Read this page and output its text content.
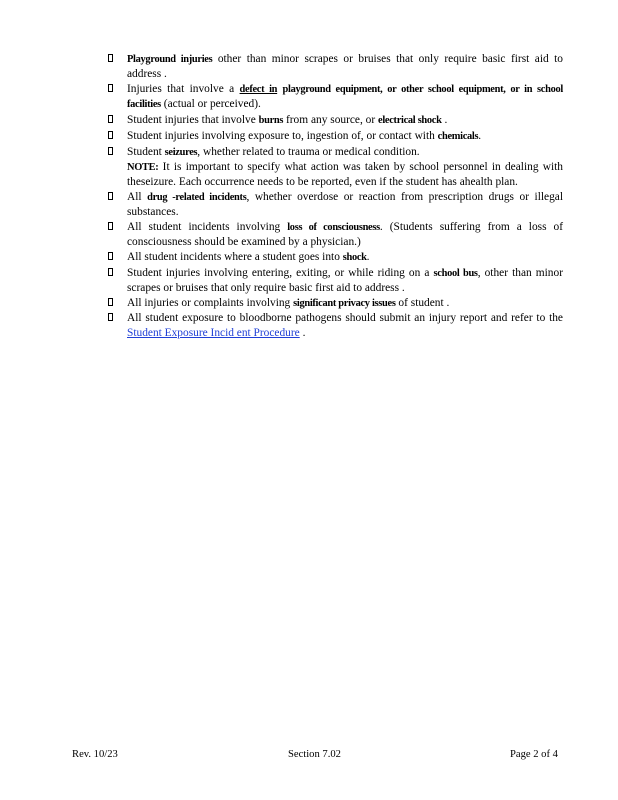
Playground injuries other than minor scrapes or bruises that only require basic first aid to address .
Injuries that involve a defect in playground equipment, or other school equipment, or in school facilities (actual or perceived).
Student injuries that involve burns from any source, or electrical shock .
Student injuries involving exposure to, ingestion of, or contact with chemicals.
Student seizures, whether related to trauma or medical condition.
NOTE: It is important to specify what action was taken by school personnel in dealing with theseizure. Each occurrence needs to be reported, even if the student has ahealth plan.
All drug -related incidents, whether overdose or reaction from prescription drugs or illegal substances.
All student incidents involving loss of consciousness. (Students suffering from a loss of consciousness should be examined by a physician.)
All student incidents where a student goes into shock.
Student injuries involving entering, exiting, or while riding on a school bus, other than minor scrapes or bruises that only require basic first aid to address .
All injuries or complaints involving significant privacy issues of student .
All student exposure to bloodborne pathogens should submit an injury report and refer to the Student Exposure Incid ent Procedure .
Rev. 10/23	Section 7.02	Page 2 of 4
